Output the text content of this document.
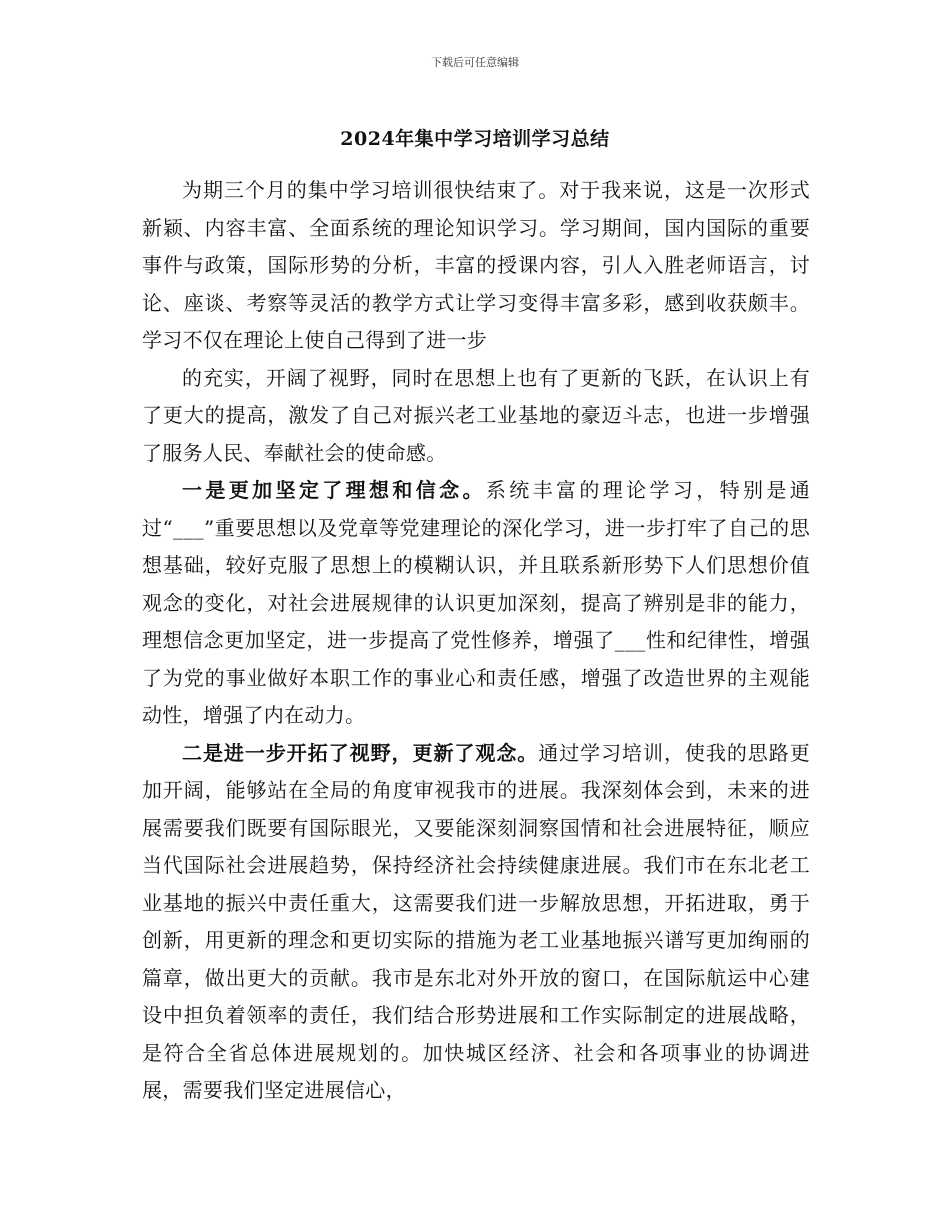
下载后可任意编辑
2024年集中学习培训学习总结

为期三个月的集中学习培训很快结束了。对于我来说，这是一次形式新颖、内容丰富、全面系统的理论知识学习。学习期间，国内国际的重要事件与政策，国际形势的分析，丰富的授课内容，引人入胜老师语言，讨论、座谈、考察等灵活的教学方式让学习变得丰富多彩，感到收获颇丰。学习不仅在理论上使自己得到了进一步

的充实，开阔了视野，同时在思想上也有了更新的飞跃，在认识上有了更大的提高，激发了自己对振兴老工业基地的豪迈斗志，也进一步增强了服务人民、奉献社会的使命感。

一是更加坚定了理想和信念。系统丰富的理论学习，特别是通过“___”重要思想以及党章等党建理论的深化学习，进一步打牢了自己的思想基础，较好克服了思想上的模糊认识，并且联系新形势下人们思想价值观念的变化，对社会进展规律的认识更加深刻，提高了辨别是非的能力，理想信念更加坚定，进一步提高了党性修养，增强了___性和纪律性，增强了为党的事业做好本职工作的事业心和责任感，增强了改造世界的主观能动性，增强了内在动力。

二是进一步开拓了视野，更新了观念。通过学习培训，使我的思路更加开阔，能够站在全局的角度审视我市的进展。我深刻体会到，未来的进展需要我们既要有国际眼光，又要能深刻洞察国情和社会进展特征，顺应当代国际社会进展趋势，保持经济社会持续健康进展。我们市在东北老工业基地的振兴中责任重大，这需要我们进一步解放思想，开拓进取，勇于创新，用更新的理念和更切实际的措施为老工业基地振兴谱写更加绚丽的篇章，做出更大的贡献。我市是东北对外开放的窗口，在国际航运中心建设中担负着领率的责任，我们结合形势进展和工作实际制定的进展战略，是符合全省总体进展规划的。加快城区经济、社会和各项事业的协调进展，需要我们坚定进展信心，
